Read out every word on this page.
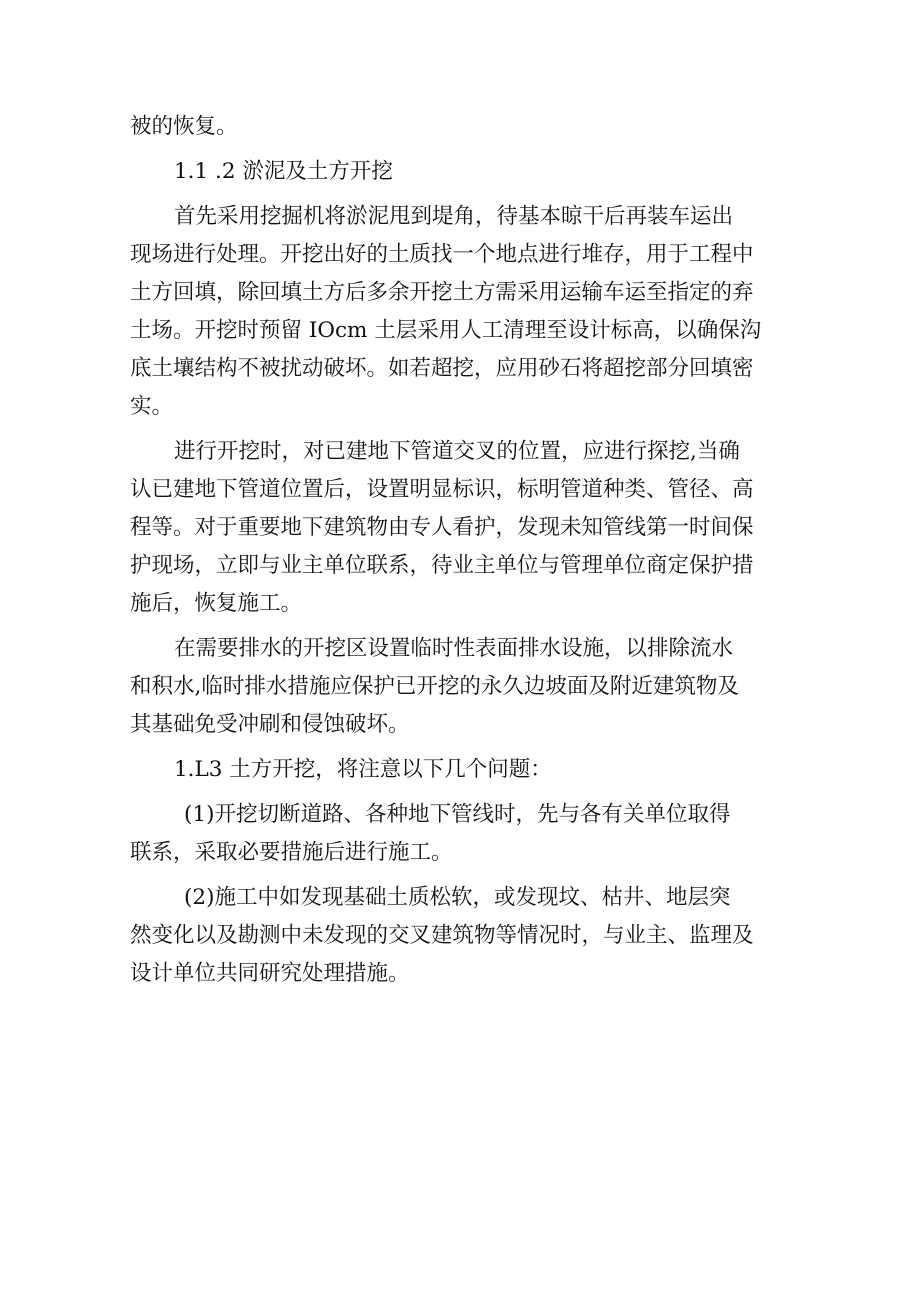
被的恢复。
1.1 .2 淤泥及土方开挖
首先采用挖掘机将淤泥甩到堤角，待基本晾干后再装车运出
现场进行处理。开挖出好的土质找一个地点进行堆存，用于工程中
土方回填，除回填土方后多余开挖土方需采用运输车运至指定的弃
土场。开挖时预留 IOcm 土层采用人工清理至设计标高，以确保沟
底土壤结构不被扰动破坏。如若超挖，应用砂石将超挖部分回填密
实。
进行开挖时，对已建地下管道交叉的位置，应进行探挖,当确
认已建地下管道位置后，设置明显标识，标明管道种类、管径、高
程等。对于重要地下建筑物由专人看护，发现未知管线第一时间保
护现场，立即与业主单位联系，待业主单位与管理单位商定保护措
施后，恢复施工。
在需要排水的开挖区设置临时性表面排水设施，以排除流水
和积水,临时排水措施应保护已开挖的永久边坡面及附近建筑物及
其基础免受冲刷和侵蚀破坏。
1.L3 土方开挖，将注意以下几个问题：
(1)开挖切断道路、各种地下管线时，先与各有关单位取得
联系，采取必要措施后进行施工。
(2)施工中如发现基础土质松软，或发现坟、枯井、地层突
然变化以及勘测中未发现的交叉建筑物等情况时，与业主、监理及
设计单位共同研究处理措施。
